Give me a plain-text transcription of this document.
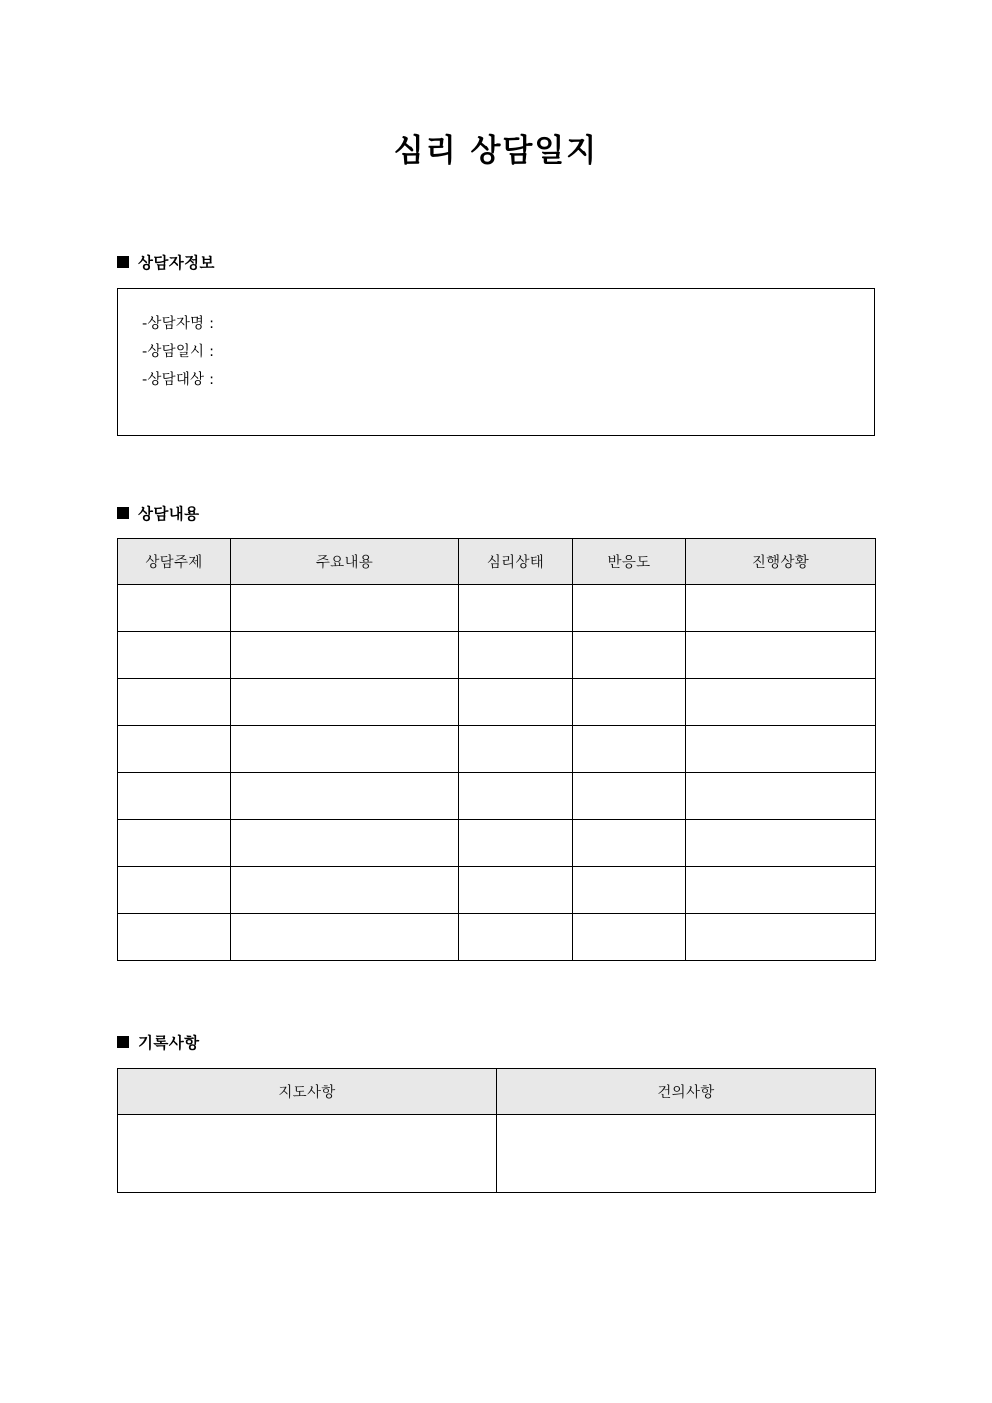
심리 상담일지
상담자정보
-상담자명 :
-상담일시 :
-상담대상 :
상담내용
상담주제	주요내용	심리상태	반응도	진행상황

기록사항
지도사항	건의사항
